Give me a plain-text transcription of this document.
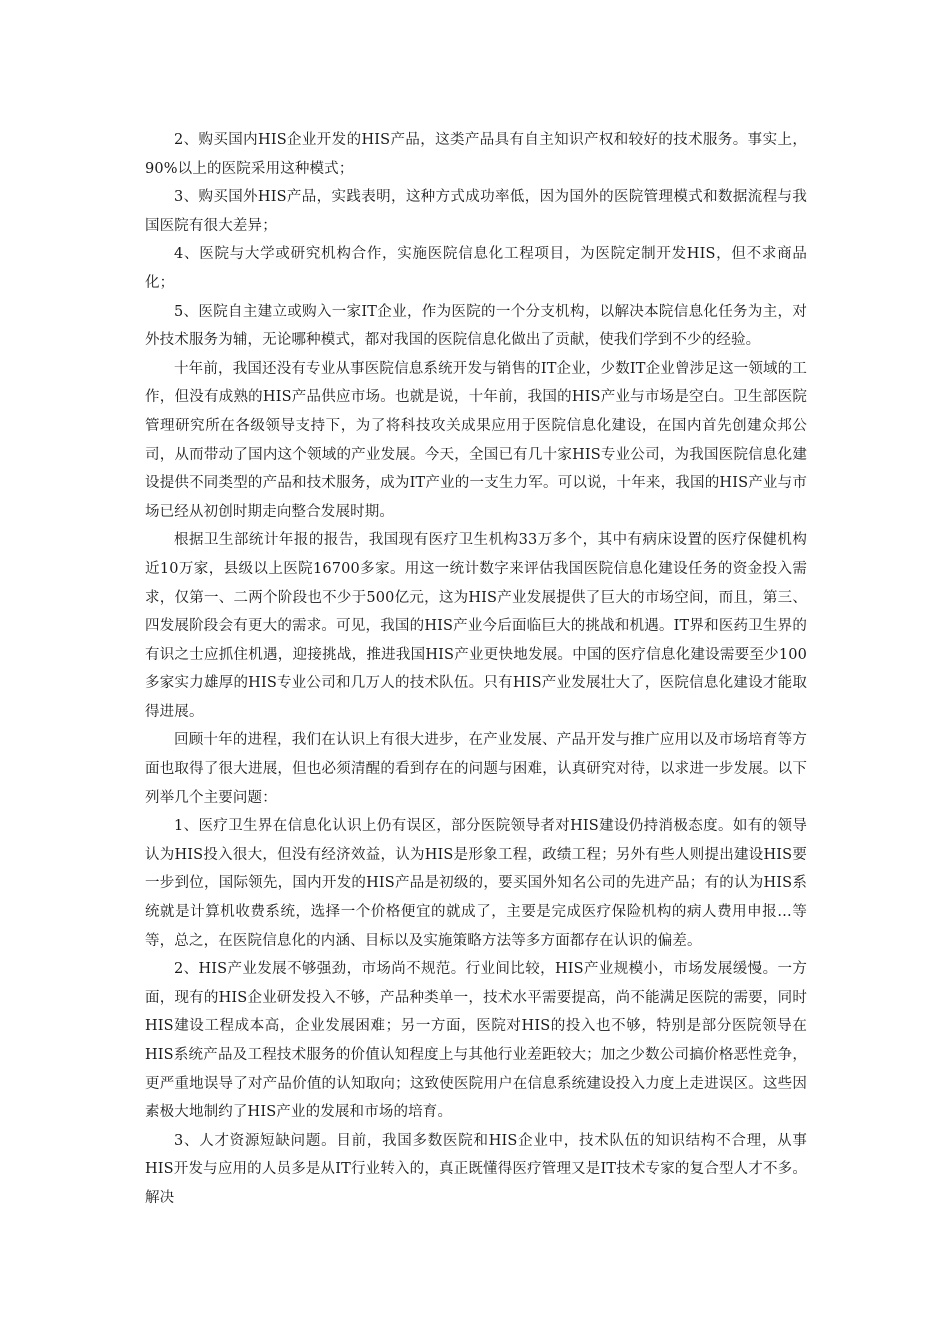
2、购买国内HIS企业开发的HIS产品，这类产品具有自主知识产权和较好的技术服务。事实上，90%以上的医院采用这种模式；

3、购买国外HIS产品，实践表明，这种方式成功率低，因为国外的医院管理模式和数据流程与我国医院有很大差异；

4、医院与大学或研究机构合作，实施医院信息化工程项目，为医院定制开发HIS，但不求商品化；

5、医院自主建立或购入一家IT企业，作为医院的一个分支机构，以解决本院信息化任务为主，对外技术服务为辅，无论哪种模式，都对我国的医院信息化做出了贡献，使我们学到不少的经验。

十年前，我国还没有专业从事医院信息系统开发与销售的IT企业，少数IT企业曾涉足这一领域的工作，但没有成熟的HIS产品供应市场。也就是说，十年前，我国的HIS产业与市场是空白。卫生部医院管理研究所在各级领导支持下，为了将科技攻关成果应用于医院信息化建设，在国内首先创建众邦公司，从而带动了国内这个领域的产业发展。今天，全国已有几十家HIS专业公司，为我国医院信息化建设提供不同类型的产品和技术服务，成为IT产业的一支生力军。可以说，十年来，我国的HIS产业与市场已经从初创时期走向整合发展时期。

根据卫生部统计年报的报告，我国现有医疗卫生机构33万多个，其中有病床设置的医疗保健机构近10万家，县级以上医院16700多家。用这一统计数字来评估我国医院信息化建设任务的资金投入需求，仅第一、二两个阶段也不少于500亿元，这为HIS产业发展提供了巨大的市场空间，而且，第三、四发展阶段会有更大的需求。可见，我国的HIS产业今后面临巨大的挑战和机遇。IT界和医药卫生界的有识之士应抓住机遇，迎接挑战，推进我国HIS产业更快地发展。中国的医疗信息化建设需要至少100多家实力雄厚的HIS专业公司和几万人的技术队伍。只有HIS产业发展壮大了，医院信息化建设才能取得进展。

回顾十年的进程，我们在认识上有很大进步，在产业发展、产品开发与推广应用以及市场培育等方面也取得了很大进展，但也必须清醒的看到存在的问题与困难，认真研究对待，以求进一步发展。以下列举几个主要问题：

1、医疗卫生界在信息化认识上仍有误区，部分医院领导者对HIS建设仍持消极态度。如有的领导认为HIS投入很大，但没有经济效益，认为HIS是形象工程，政绩工程；另外有些人则提出建设HIS要一步到位，国际领先，国内开发的HIS产品是初级的，要买国外知名公司的先进产品；有的认为HIS系统就是计算机收费系统，选择一个价格便宜的就成了，主要是完成医疗保险机构的病人费用申报…等等，总之，在医院信息化的内涵、目标以及实施策略方法等多方面都存在认识的偏差。

2、HIS产业发展不够强劲，市场尚不规范。行业间比较，HIS产业规模小，市场发展缓慢。一方面，现有的HIS企业研发投入不够，产品种类单一，技术水平需要提高，尚不能满足医院的需要，同时HIS建设工程成本高，企业发展困难；另一方面，医院对HIS的投入也不够，特别是部分医院领导在HIS系统产品及工程技术服务的价值认知程度上与其他行业差距较大；加之少数公司搞价格恶性竞争，更严重地误导了对产品价值的认知取向；这致使医院用户在信息系统建设投入力度上走进误区。这些因素极大地制约了HIS产业的发展和市场的培育。

3、人才资源短缺问题。目前，我国多数医院和HIS企业中，技术队伍的知识结构不合理，从事HIS开发与应用的人员多是从IT行业转入的，真正既懂得医疗管理又是IT技术专家的复合型人才不多。解决
